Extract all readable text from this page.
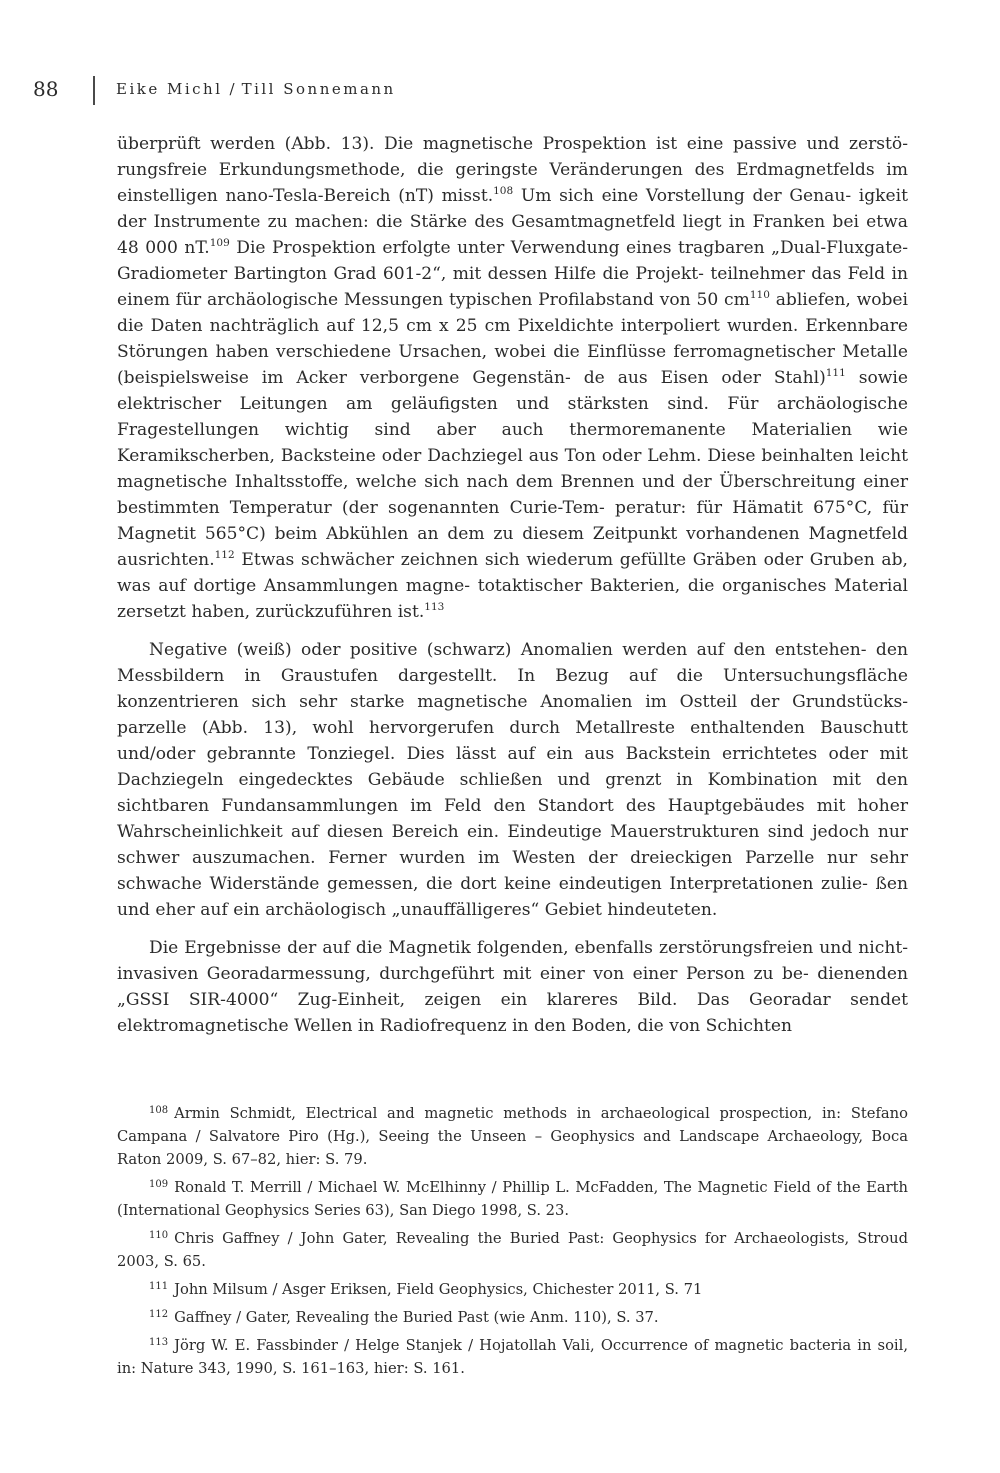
88	Eike Michl / Till Sonnemann

überprüft werden (Abb. 13). Die magnetische Prospektion ist eine passive und zerstö- rungsfreie Erkundungsmethode, die geringste Veränderungen des Erdmagnetfelds im einstelligen nano-Tesla-Bereich (nT) misst.$^{108}$ Um sich eine Vorstellung der Genau- igkeit der Instrumente zu machen: die Stärke des Gesamtmagnetfeld liegt in Franken bei etwa 48 000 nT.$^{109}$ Die Prospektion erfolgte unter Verwendung eines tragbaren „Dual-Fluxgate-Gradiometer Bartington Grad 601-2“, mit dessen Hilfe die Projekt- teilnehmer das Feld in einem für archäologische Messungen typischen Profilabstand von 50 $cm^{110}$ abliefen, wobei die Daten nachträglich auf 12,5 cm x 25 cm Pixeldichte interpoliert wurden. Erkennbare Störungen haben verschiedene Ursachen, wobei die Einflüsse ferromagnetischer Metalle (beispielsweise im Acker verborgene Gegenstän- de aus Eisen oder Stahl)$^{111}$ sowie elektrischer Leitungen am geläufigsten und stärksten sind. Für archäologische Fragestellungen wichtig sind aber auch thermoremanente Materialien wie Keramikscherben, Backsteine oder Dachziegel aus Ton oder Lehm. Diese beinhalten leicht magnetische Inhaltsstoffe, welche sich nach dem Brennen und der Überschreitung einer bestimmten Temperatur (der sogenannten Curie-Tem- peratur: für Hämatit 675°C, für Magnetit 565°C) beim Abkühlen an dem zu diesem Zeitpunkt vorhandenen Magnetfeld ausrichten.$^{112}$ Etwas schwächer zeichnen sich wiederum gefüllte Gräben oder Gruben ab, was auf dortige Ansammlungen magne- totaktischer Bakterien, die organisches Material zersetzt haben, zurückzuführen ist.$^{113}$

Negative (weiß) oder positive (schwarz) Anomalien werden auf den entstehen- den Messbildern in Graustufen dargestellt. In Bezug auf die Untersuchungsfläche konzentrieren sich sehr starke magnetische Anomalien im Ostteil der Grundstücks- parzelle (Abb. 13), wohl hervorgerufen durch Metallreste enthaltenden Bauschutt und/oder gebrannte Tonziegel. Dies lässt auf ein aus Backstein errichtetes oder mit Dachziegeln eingedecktes Gebäude schließen und grenzt in Kombination mit den sichtbaren Fundansammlungen im Feld den Standort des Hauptgebäudes mit hoher Wahrscheinlichkeit auf diesen Bereich ein. Eindeutige Mauerstrukturen sind jedoch nur schwer auszumachen. Ferner wurden im Westen der dreieckigen Parzelle nur sehr schwache Widerstände gemessen, die dort keine eindeutigen Interpretationen zulie- ßen und eher auf ein archäologisch „unauffälligeres“ Gebiet hindeuteten.

Die Ergebnisse der auf die Magnetik folgenden, ebenfalls zerstörungsfreien und nicht-invasiven Georadarmessung, durchgeführt mit einer von einer Person zu be- dienenden „GSSI SIR-4000“ Zug-Einheit, zeigen ein klareres Bild. Das Georadar sendet elektromagnetische Wellen in Radiofrequenz in den Boden, die von Schichten

$^{108}$ Armin Schmidt, Electrical and magnetic methods in archaeological prospection, in: Stefano Campana / Salvatore Piro (Hg.), Seeing the Unseen – Geophysics and Landscape Archaeology, Boca Raton 2009, S. 67–82, hier: S. 79.

$^{109}$ Ronald T. Merrill / Michael W. McElhinny / Phillip L. McFadden, The Magnetic Field of the Earth (International Geophysics Series 63), San Diego 1998, S. 23.

$^{110}$ Chris Gaffney / John Gater, Revealing the Buried Past: Geophysics for Archaeologists, Stroud 2003, S. 65.

$^{111}$ John Milsum / Asger Eriksen, Field Geophysics, Chichester 2011, S. 71

$^{112}$ Gaffney / Gater, Revealing the Buried Past (wie Anm. 110), S. 37.

$^{113}$ Jörg W. E. Fassbinder / Helge Stanjek / Hojatollah Vali, Occurrence of magnetic bacteria in soil, in: Nature 343, 1990, S. 161–163, hier: S. 161.
